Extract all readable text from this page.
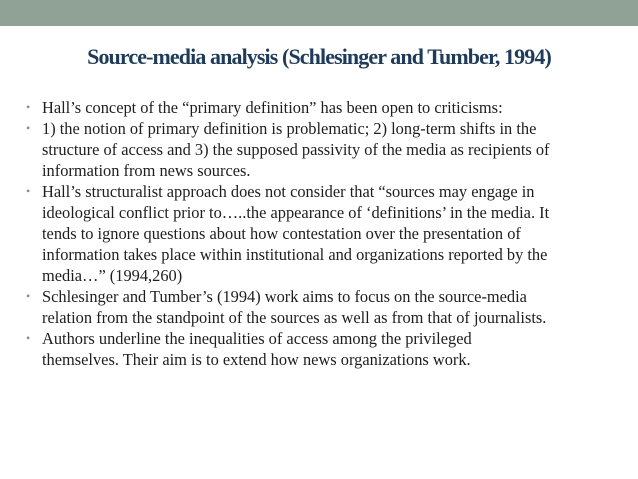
Source-media analysis (Schlesinger and Tumber, 1994)
• Hall’s concept of the “primary definition” has been open to criticisms:
• 1) the notion of primary definition is problematic; 2) long-term shifts in the
structure of access and 3) the supposed passivity of the media as recipients of
information from news sources.
• Hall’s structuralist approach does not consider that “sources may engage in
ideological conflict prior to…..the appearance of ‘definitions’ in the media. It
tends to ignore questions about how contestation over the presentation of
information takes place within institutional and organizations reported by the
media…” (1994,260)
• Schlesinger and Tumber’s (1994) work aims to focus on the source-media
relation from the standpoint of the sources as well as from that of journalists.
• Authors underline the inequalities of access among the privileged
themselves. Their aim is to extend how news organizations work.
